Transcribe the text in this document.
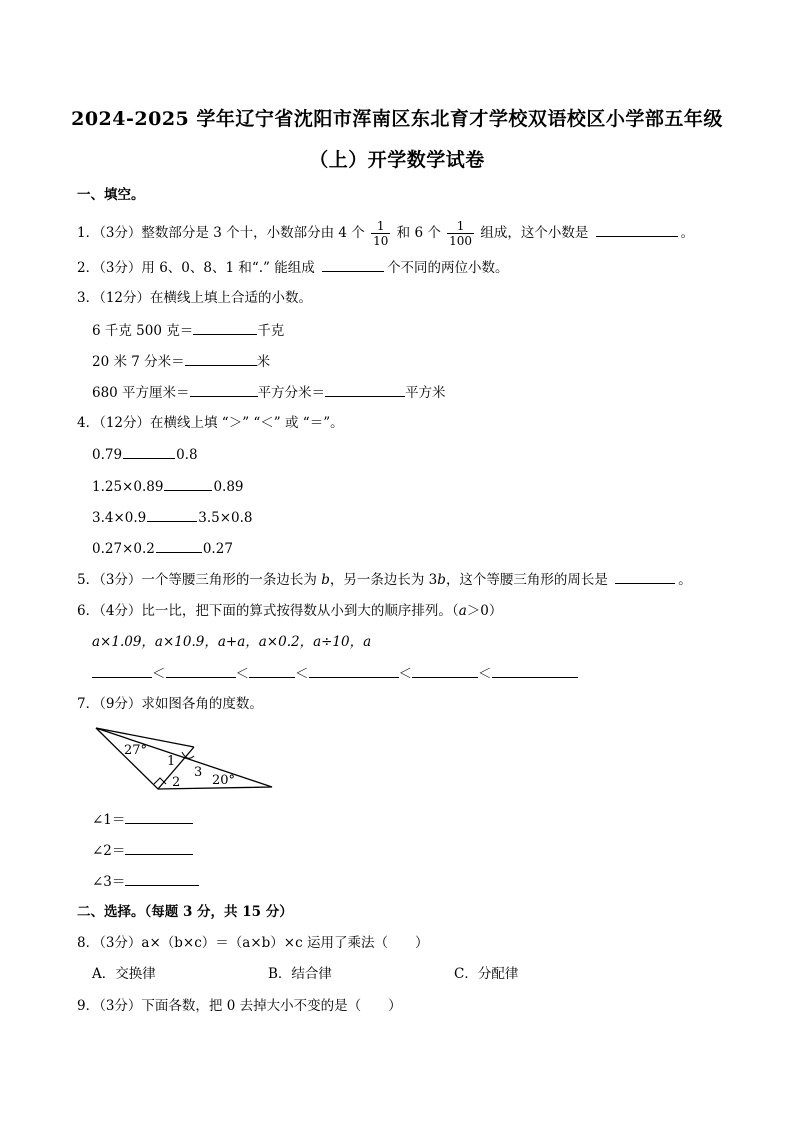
2024-2025 学年辽宁省沈阳市浑南区东北育才学校双语校区小学部五年级
（上）开学数学试卷
一、填空。
1．（3分）整数部分是 3 个十，小数部分由 4 个 $\frac{1}{10}$ 和 6 个 $\frac{1}{100}$ 组成，这个小数是	。
2．（3分）用 6、0、8、1 和“.” 能组成	个不同的两位小数。
3．（12分）在横线上填上合适的小数。
6 千克 500 克＝	千克
20 米 7 分米＝	米
680 平方厘米＝	平方分米＝	平方米
4．（12分）在横线上填 “＞” “＜” 或 “＝”。
0.79	0.8
1.25×0.89	0.89
3.4×0.9	3.5×0.8
0.27×0.2	0.27
5．（3分）一个等腰三角形的一条边长为 b，另一条边长为 3b，这个等腰三角形的周长是	。
6．（4分）比一比，把下面的算式按得数从小到大的顺序排列。（a＞0）
a×1.09，a×10.9，a+a，a×0.2，a÷10，a
＜	＜	＜	＜	＜
7．（9分）求如图各角的度数。
27°
1
2
3
20°
∠1＝
∠2＝
∠3＝
二、选择。（每题 3 分，共 15 分）
8．（3分）a×（b×c）＝（a×b）×c 运用了乘法（　　）
A．交换律	B．结合律	C．分配律
9．（3分）下面各数，把 0 去掉大小不变的是（　　）
